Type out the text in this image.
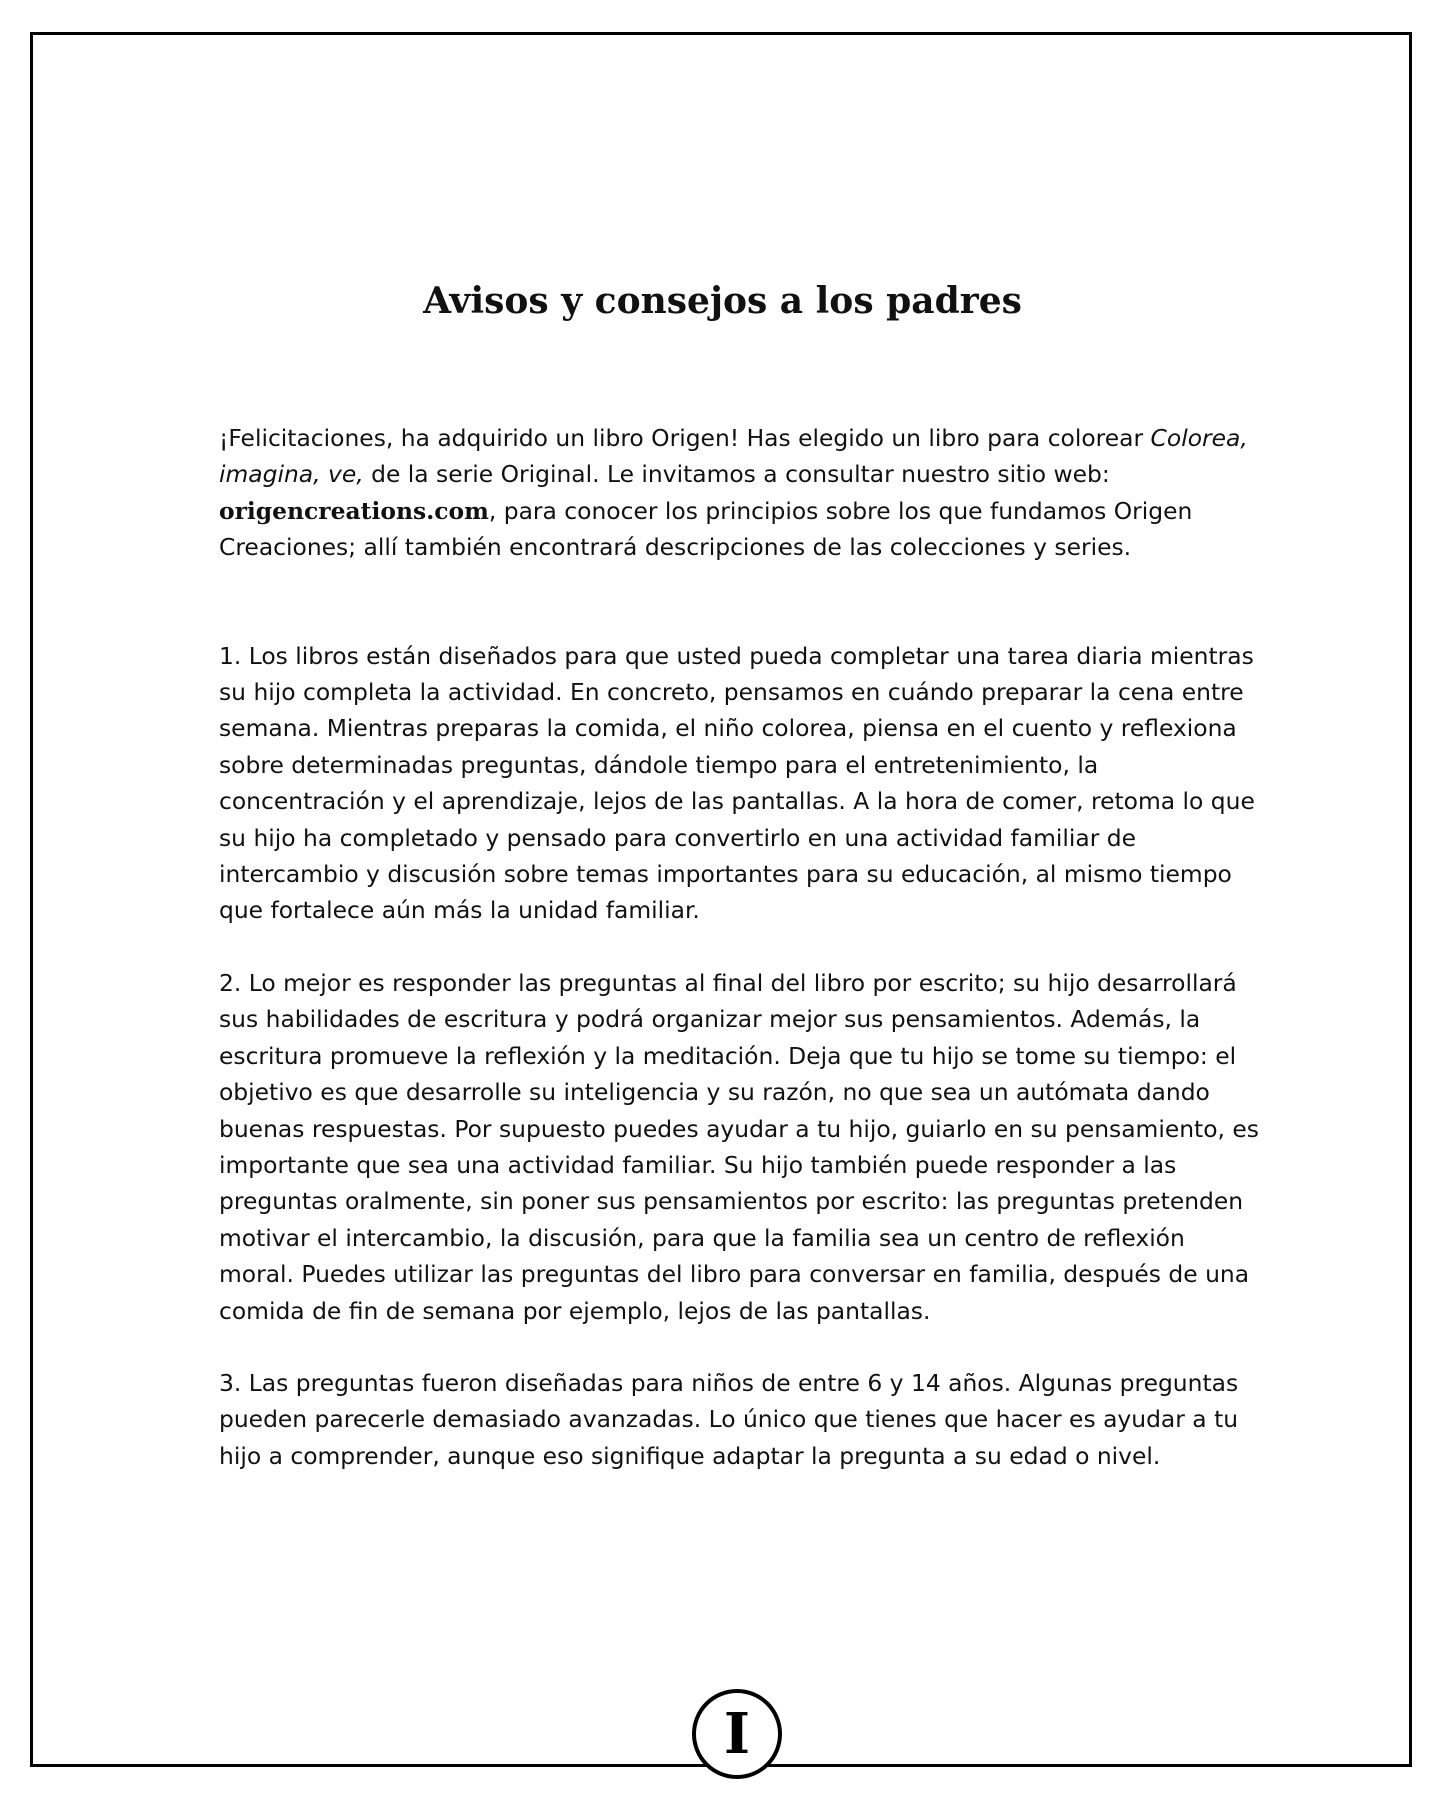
Avisos y consejos a los padres

¡Felicitaciones, ha adquirido un libro Origen! Has elegido un libro para colorear Colorea, imagina, ve, de la serie Original. Le invitamos a consultar nuestro sitio web: origencreations.com, para conocer los principios sobre los que fundamos Origen Creaciones; allí también encontrará descripciones de las colecciones y series.

1. Los libros están diseñados para que usted pueda completar una tarea diaria mientras su hijo completa la actividad. En concreto, pensamos en cuándo preparar la cena entre semana. Mientras preparas la comida, el niño colorea, piensa en el cuento y reflexiona sobre determinadas preguntas, dándole tiempo para el entretenimiento, la concentración y el aprendizaje, lejos de las pantallas. A la hora de comer, retoma lo que su hijo ha completado y pensado para convertirlo en una actividad familiar de intercambio y discusión sobre temas importantes para su educación, al mismo tiempo que fortalece aún más la unidad familiar.

2. Lo mejor es responder las preguntas al final del libro por escrito; su hijo desarrollará sus habilidades de escritura y podrá organizar mejor sus pensamientos. Además, la escritura promueve la reflexión y la meditación. Deja que tu hijo se tome su tiempo: el objetivo es que desarrolle su inteligencia y su razón, no que sea un autómata dando buenas respuestas. Por supuesto puedes ayudar a tu hijo, guiarlo en su pensamiento, es importante que sea una actividad familiar. Su hijo también puede responder a las preguntas oralmente, sin poner sus pensamientos por escrito: las preguntas pretenden motivar el intercambio, la discusión, para que la familia sea un centro de reflexión moral. Puedes utilizar las preguntas del libro para conversar en familia, después de una comida de fin de semana por ejemplo, lejos de las pantallas.

3. Las preguntas fueron diseñadas para niños de entre 6 y 14 años. Algunas preguntas pueden parecerle demasiado avanzadas. Lo único que tienes que hacer es ayudar a tu hijo a comprender, aunque eso signifique adaptar la pregunta a su edad o nivel.

I
